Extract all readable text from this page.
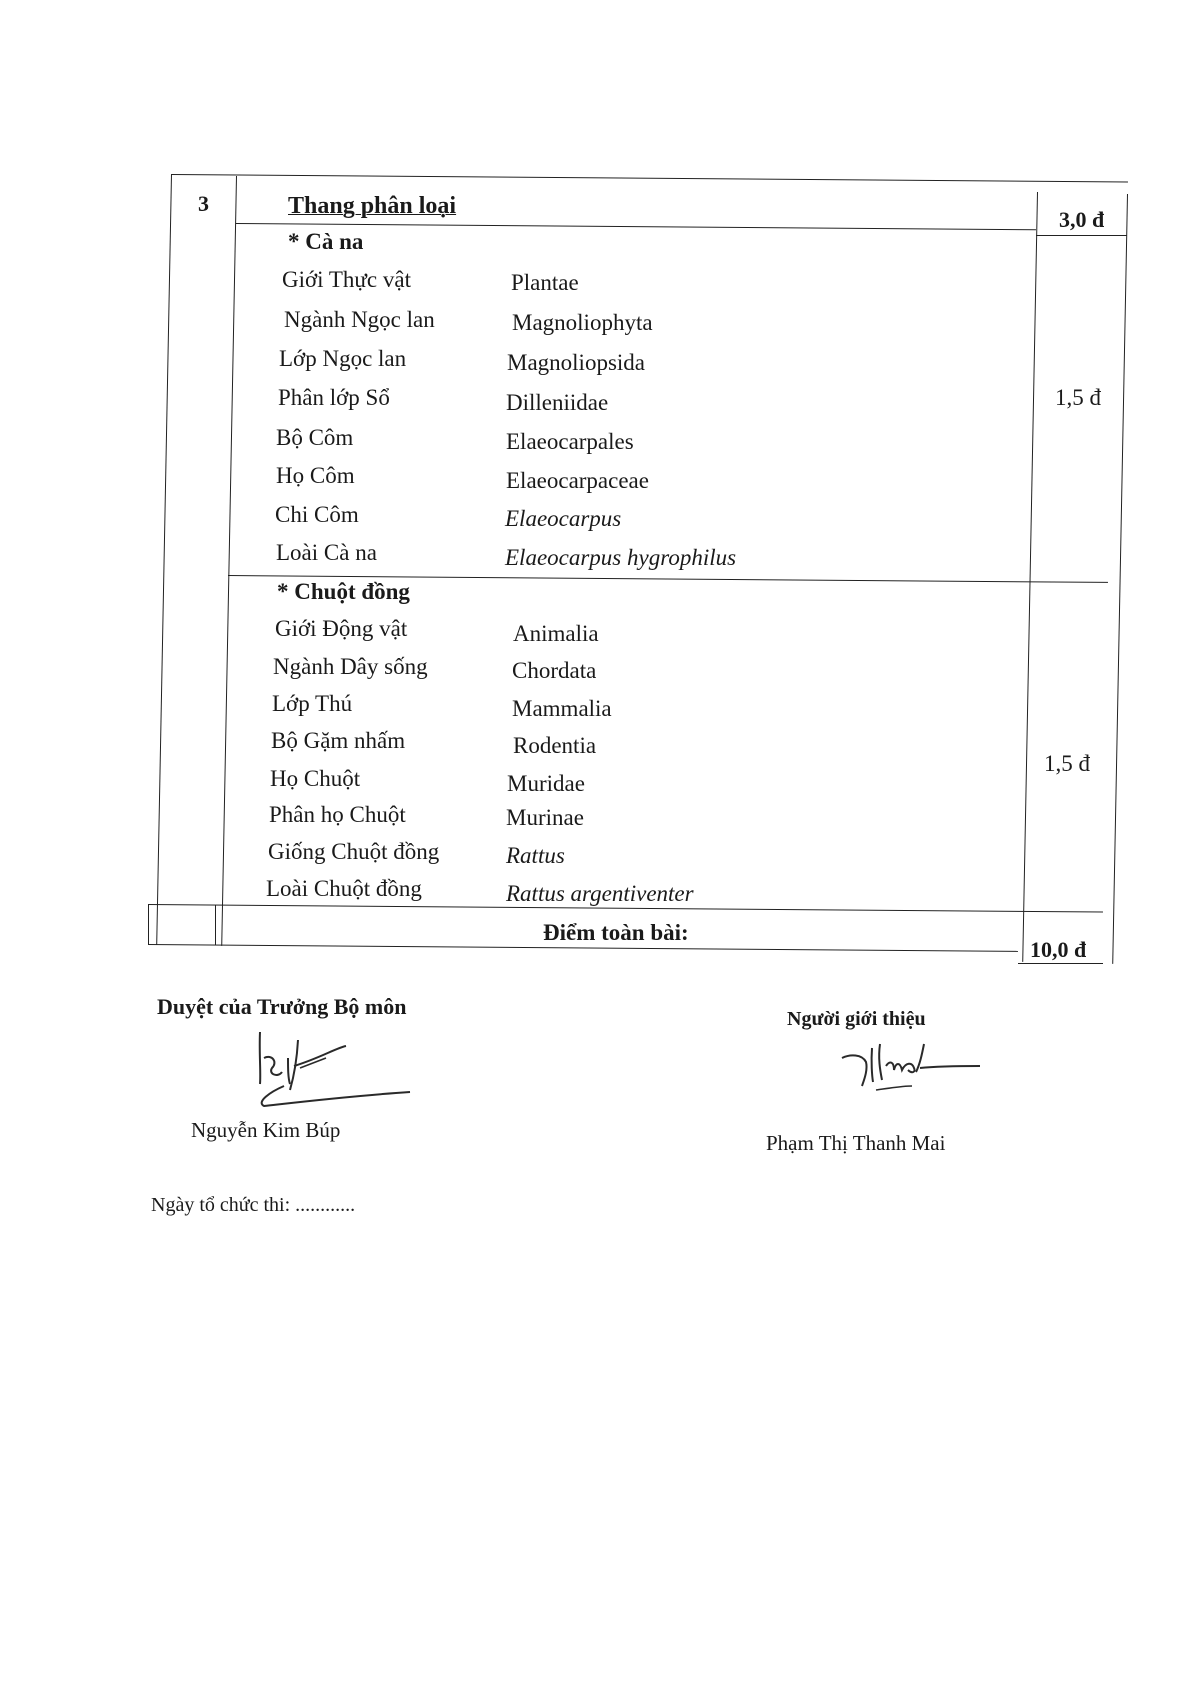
3	Thang phân loại
3,0 đ
* Cà na
Giới Thực vật	Plantae
Ngành Ngọc lan	Magnoliophyta
Lớp Ngọc lan	Magnoliopsida
Phân lớp Sổ	Dilleniidae
Bộ Côm	Elaeocarpales
Họ Côm	Elaeocarpaceae
Chi Côm	Elaeocarpus
Loài Cà na	Elaeocarpus hygrophilus
1,5 đ
* Chuột đồng
Giới Động vật	Animalia
Ngành Dây sống	Chordata
Lớp Thú	Mammalia
Bộ Gặm nhấm	Rodentia
Họ Chuột	Muridae
Phân họ Chuột	Murinae
Giống Chuột đồng	Rattus
Loài Chuột đồng	Rattus argentiventer
1,5 đ
Điểm toàn bài:
10,0 đ
Duyệt của Trưởng Bộ môn
Nguyễn Kim Búp
Người giới thiệu
Phạm Thị Thanh Mai
Ngày tổ chức thi: ............
